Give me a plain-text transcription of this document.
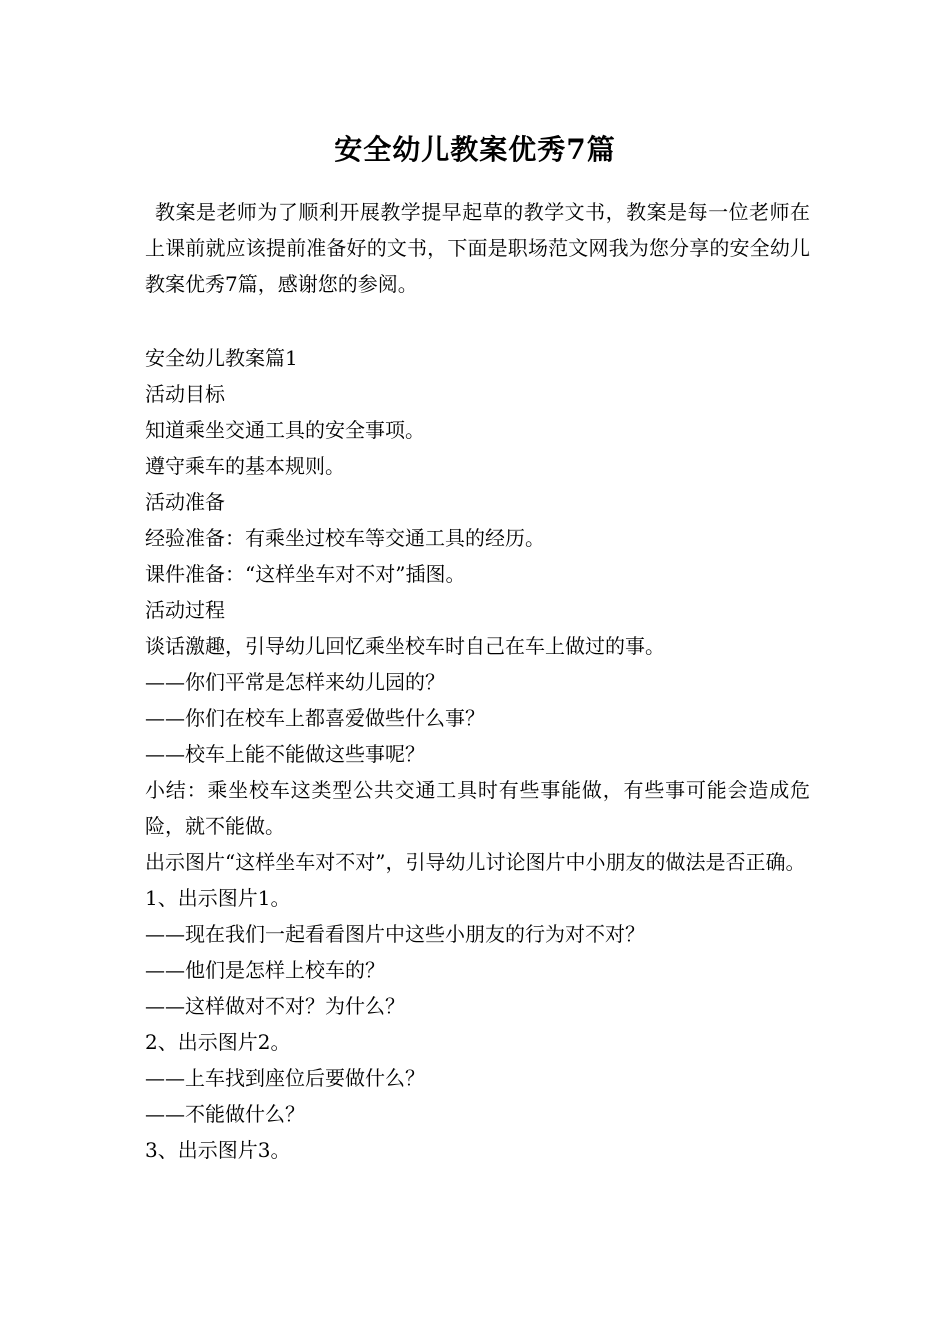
安全幼儿教案优秀7篇

教案是老师为了顺利开展教学提早起草的教学文书，教案是每一位老师在上课前就应该提前准备好的文书，下面是职场范文网我为您分享的安全幼儿教案优秀7篇，感谢您的参阅。

安全幼儿教案篇1

活动目标

知道乘坐交通工具的安全事项。

遵守乘车的基本规则。

活动准备

经验准备：有乘坐过校车等交通工具的经历。

课件准备：“这样坐车对不对”插图。

活动过程

谈话激趣，引导幼儿回忆乘坐校车时自己在车上做过的事。

——你们平常是怎样来幼儿园的？

——你们在校车上都喜爱做些什么事？

——校车上能不能做这些事呢？

小结：乘坐校车这类型公共交通工具时有些事能做，有些事可能会造成危险，就不能做。

出示图片“这样坐车对不对”，引导幼儿讨论图片中小朋友的做法是否正确。

1、出示图片1。

——现在我们一起看看图片中这些小朋友的行为对不对？

——他们是怎样上校车的？

——这样做对不对？为什么？

2、出示图片2。

——上车找到座位后要做什么？

——不能做什么？

3、出示图片3。
